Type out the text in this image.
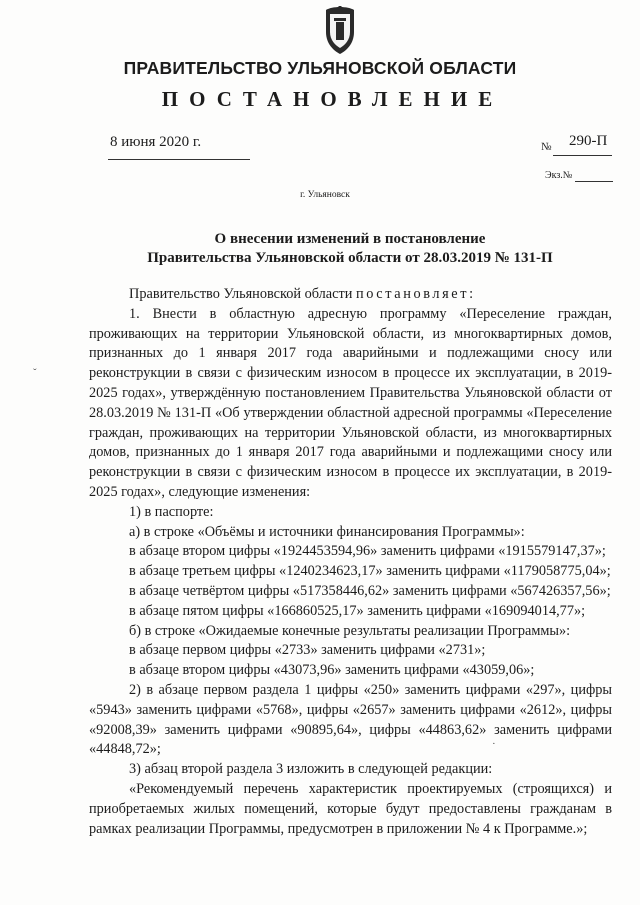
ПРАВИТЕЛЬСТВО УЛЬЯНОВСКОЙ ОБЛАСТИ
ПОСТАНОВЛЕНИЕ
8 июня 2020 г.	№ 290-П
Экз.№
г. Ульяновск
О внесении изменений в постановление
Правительства Ульяновской области от 28.03.2019 № 131-П

Правительство Ульяновской области постановляет:

1. Внести в областную адресную программу «Переселение граждан, проживающих на территории Ульяновской области, из многоквартирных домов, признанных до 1 января 2017 года аварийными и подлежащими сносу или реконструкции в связи с физическим износом в процессе их эксплуатации, в 2019-2025 годах», утверждённую постановлением Правительства Ульяновской области от 28.03.2019 № 131-П «Об утверждении областной адресной программы «Переселение граждан, проживающих на территории Ульяновской области, из многоквартирных домов, признанных до 1 января 2017 года аварийными и подлежащими сносу или реконструкции в связи с физическим износом в процессе их эксплуатации, в 2019-2025 годах», следующие изменения:

1) в паспорте:

а) в строке «Объёмы и источники финансирования Программы»:

в абзаце втором цифры «1924453594,96» заменить цифрами «1915579147,37»;

в абзаце третьем цифры «1240234623,17» заменить цифрами «1179058775,04»;

в абзаце четвёртом цифры «517358446,62» заменить цифрами «567426357,56»;

в абзаце пятом цифры «166860525,17» заменить цифрами «169094014,77»;

б) в строке «Ожидаемые конечные результаты реализации Программы»:

в абзаце первом цифры «2733» заменить цифрами «2731»;

в абзаце втором цифры «43073,96» заменить цифрами «43059,06»;

2) в абзаце первом раздела 1 цифры «250» заменить цифрами «297», цифры «5943» заменить цифрами «5768», цифры «2657» заменить цифрами «2612», цифры «92008,39» заменить цифрами «90895,64», цифры «44863,62» заменить цифрами «44848,72»;

3) абзац второй раздела 3 изложить в следующей редакции:

«Рекомендуемый перечень характеристик проектируемых (строящихся) и приобретаемых жилых помещений, которые будут предоставлены гражданам в рамках реализации Программы, предусмотрен в приложении № 4 к Программе.»;

ˇ
·
